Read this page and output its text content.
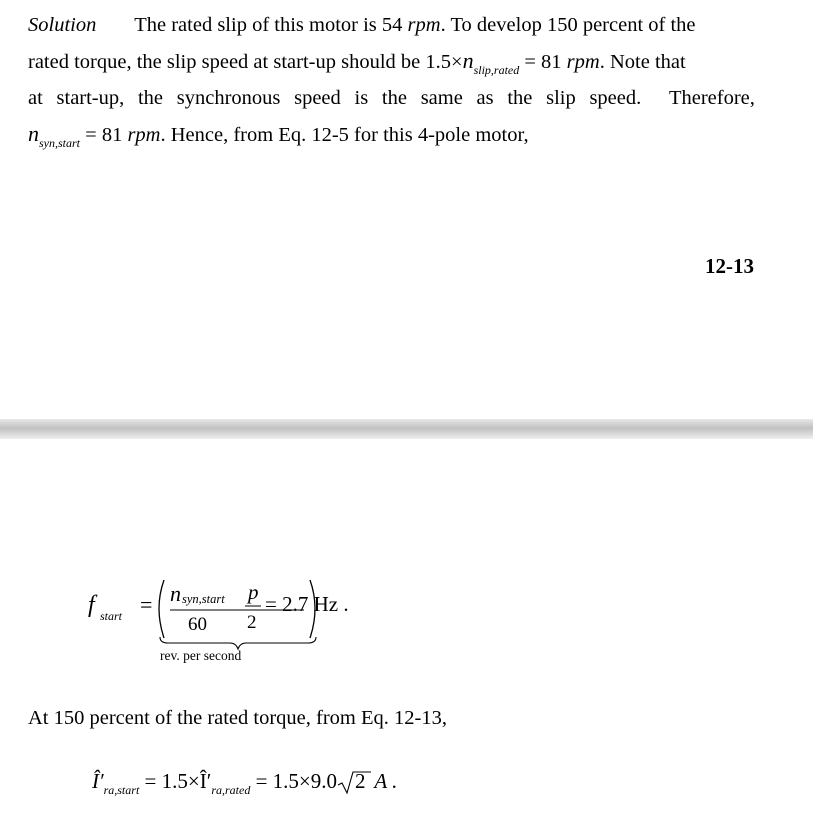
Solution The rated slip of this motor is 54 rpm. To develop 150 percent of the
rated torque, the slip speed at start-up should be $1.5\times n_{slip,rated} = 81$ rpm. Note that
at start-up, the synchronous speed is the same as the slip speed. Therefore,
$n_{syn,start} = 81$ rpm. Hence, from Eq. 12-5 for this 4-pole motor,
12-13
f start = n syn,start
60
p
2
= 2.7 Hz .
rev. per second
At 150 percent of the rated torque, from Eq. 12-13,
$Î'_{ra,start}$ = $1.5\times Î'_{ra,rated} = 1.5\times 9.0$ 2 A .
